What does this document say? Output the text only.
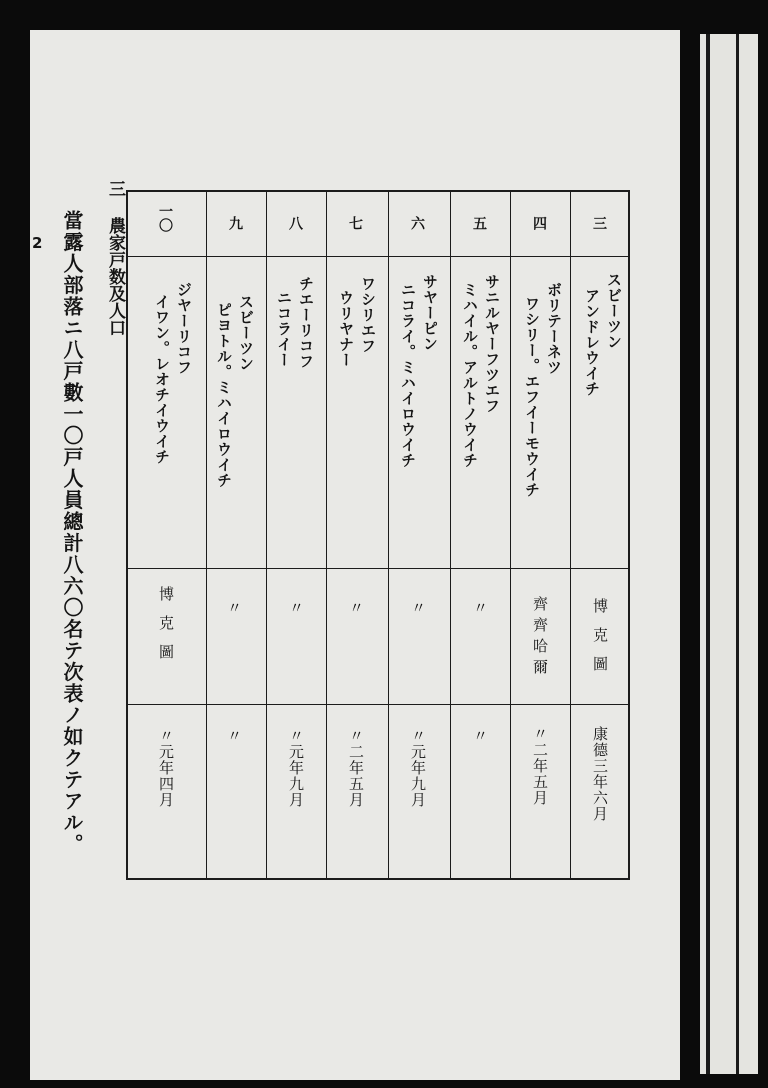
2	三 農家戸数及人口
當露人部落ニ八戸數一〇戸人員總計八六〇名テ次表ノ如クテアル。	三
スビーツン
アンドレウイチ
博克圖
康德三年六月
四
ボリテーネツ
ワシリー。エフイーモウイチ
齊齊哈爾
〃二年五月
五
サニルヤーフツエフ
ミハイル。アルトノウイチ
〃
〃
六
サヤーピン
ニコライ。ミハイロウイチ
〃
〃元年九月
七
ワシリエフ
ウリヤナー
〃
〃二年五月
八
チエーリコフ
ニコライー
〃
〃元年九月
九
スビーツン
ピヨトル。ミハイロウイチ
〃
〃
一〇
ジヤーリコフ
イワン。レオチイウイチ
博克圖
〃元年四月
